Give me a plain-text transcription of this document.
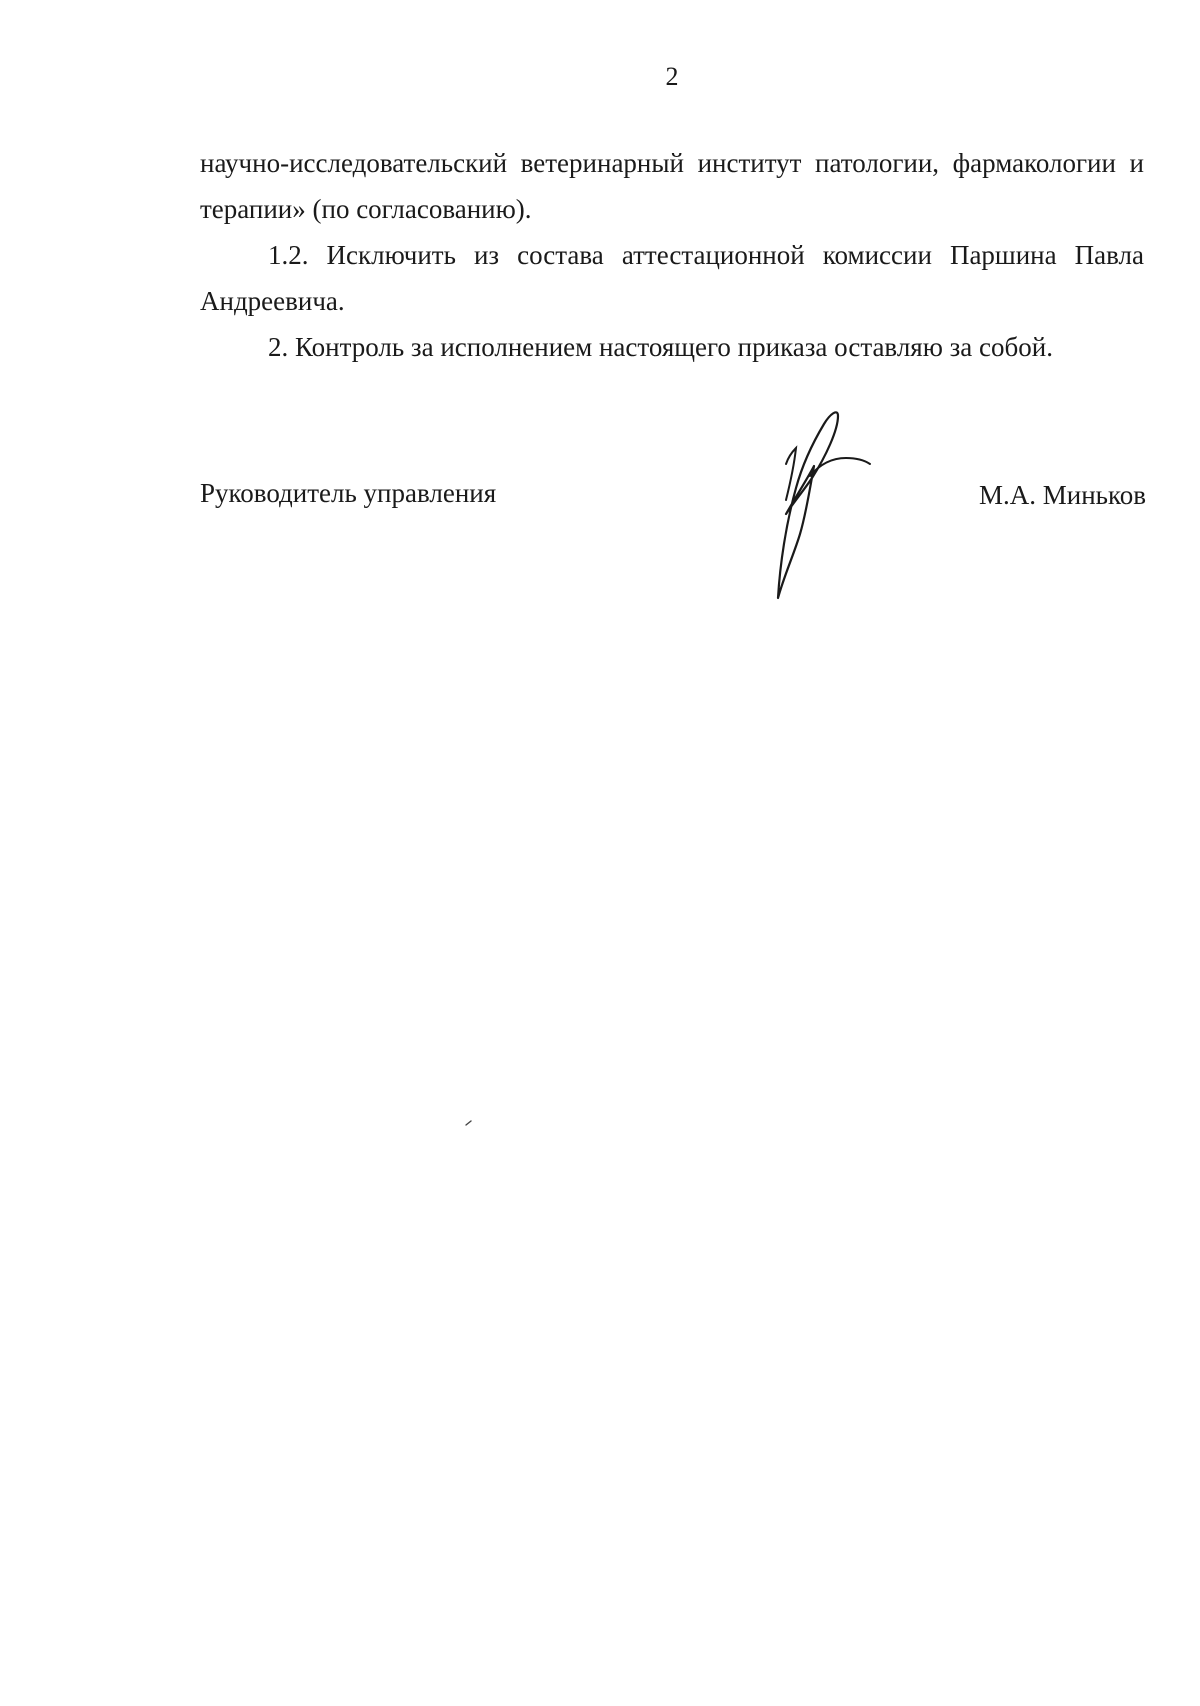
2

научно-исследовательский ветеринарный институт патологии, фармакологии и терапии» (по согласованию).

1.2. Исключить из состава аттестационной комиссии Паршина Павла Андреевича.

2. Контроль за исполнением настоящего приказа оставляю за собой.

Руководитель управления	М.А. Миньков
